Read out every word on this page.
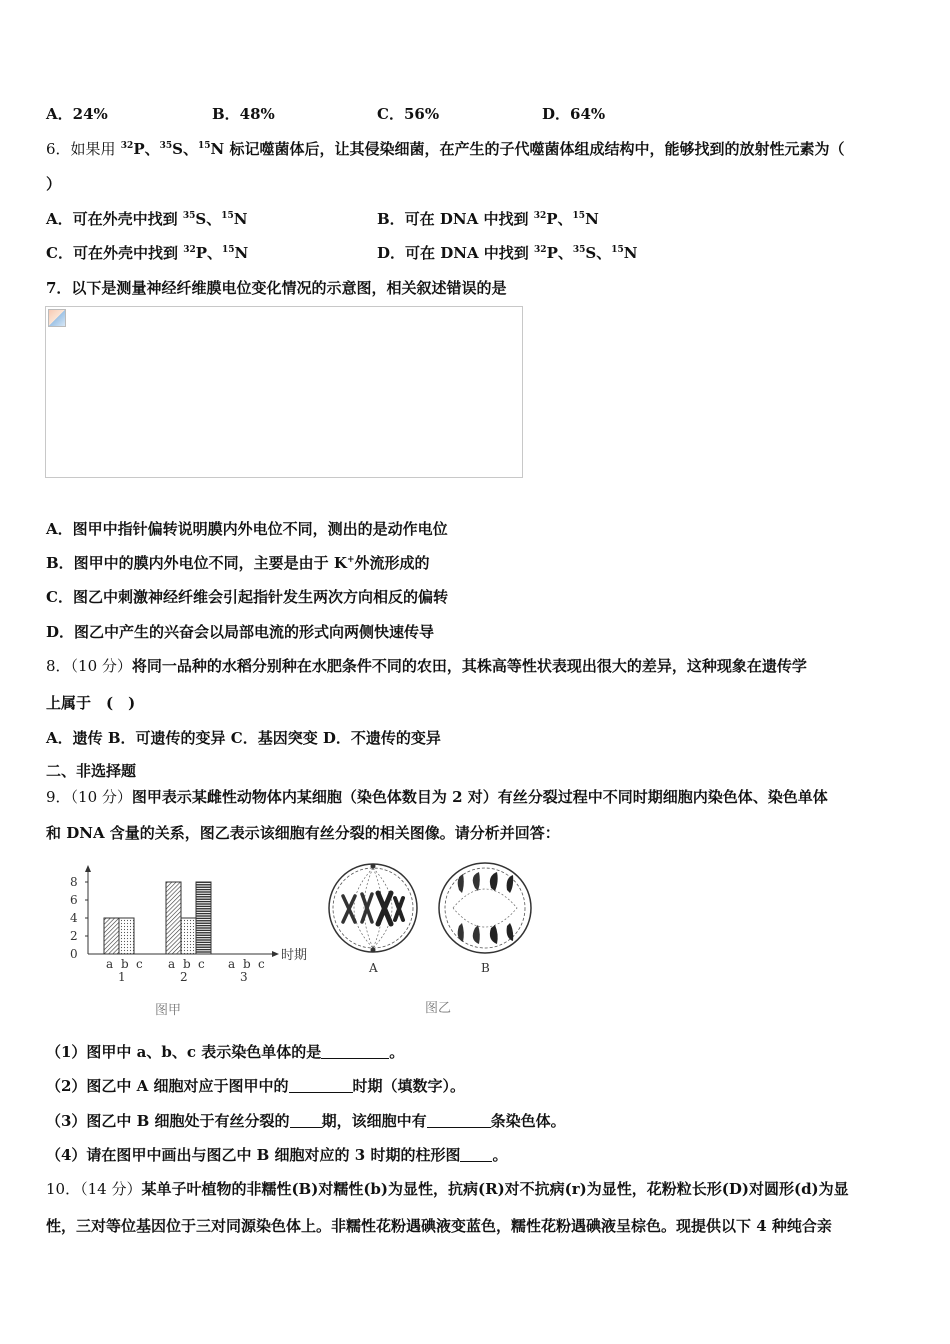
A．24%	B．48%	C．56%	D．64%
6．如果用 $^{32}$P、$^{35}$S、$^{15}$N 标记噬菌体后，让其侵染细菌，在产生的子代噬菌体组成结构中，能够找到的放射性元素为（
）
A．可在外壳中找到 $^{35}$S、$^{15}$N	B．可在 DNA 中找到 $^{32}$P、$^{15}$N
C．可在外壳中找到 $^{32}$P、$^{15}$N	D．可在 DNA 中找到 $^{32}$P、$^{35}$S、$^{15}$N
7．以下是测量神经纤维膜电位变化情况的示意图，相关叙述错误的是
A．图甲中指针偏转说明膜内外电位不同，测出的是动作电位
B．图甲中的膜内外电位不同，主要是由于 K+外流形成的
C．图乙中刺激神经纤维会引起指针发生两次方向相反的偏转
D．图乙中产生的兴奋会以局部电流的形式向两侧快速传导
8．（10 分）将同一品种的水稻分别种在水肥条件不同的农田，其株高等性状表现出很大的差异，这种现象在遗传学
上属于　(　)
A．遗传 B．可遗传的变异 C．基因突变 D．不遗传的变异
二、非选择题
9．（10 分）图甲表示某雌性动物体内某细胞（染色体数目为 2 对）有丝分裂过程中不同时期细胞内染色体、染色单体
和 DNA 含量的关系，图乙表示该细胞有丝分裂的相关图像。请分析并回答：
时期
8
6
4
2
0
a b c a b c a b c
1	2	3
图甲
A	B
图乙
（1）图甲中 a、b、c 表示染色单体的是	。
（2）图乙中 A 细胞对应于图甲中的	时期（填数字）。
（3）图乙中 B 细胞处于有丝分裂的 期，该细胞中有	条染色体。
（4）请在图甲中画出与图乙中 B 细胞对应的 3 时期的柱形图 。
10．（14 分）某单子叶植物的非糯性(B)对糯性(b)为显性，抗病(R)对不抗病(r)为显性，花粉粒长形(D)对圆形(d)为显
性，三对等位基因位于三对同源染色体上。非糯性花粉遇碘液变蓝色，糯性花粉遇碘液呈棕色。现提供以下 4 种纯合亲
